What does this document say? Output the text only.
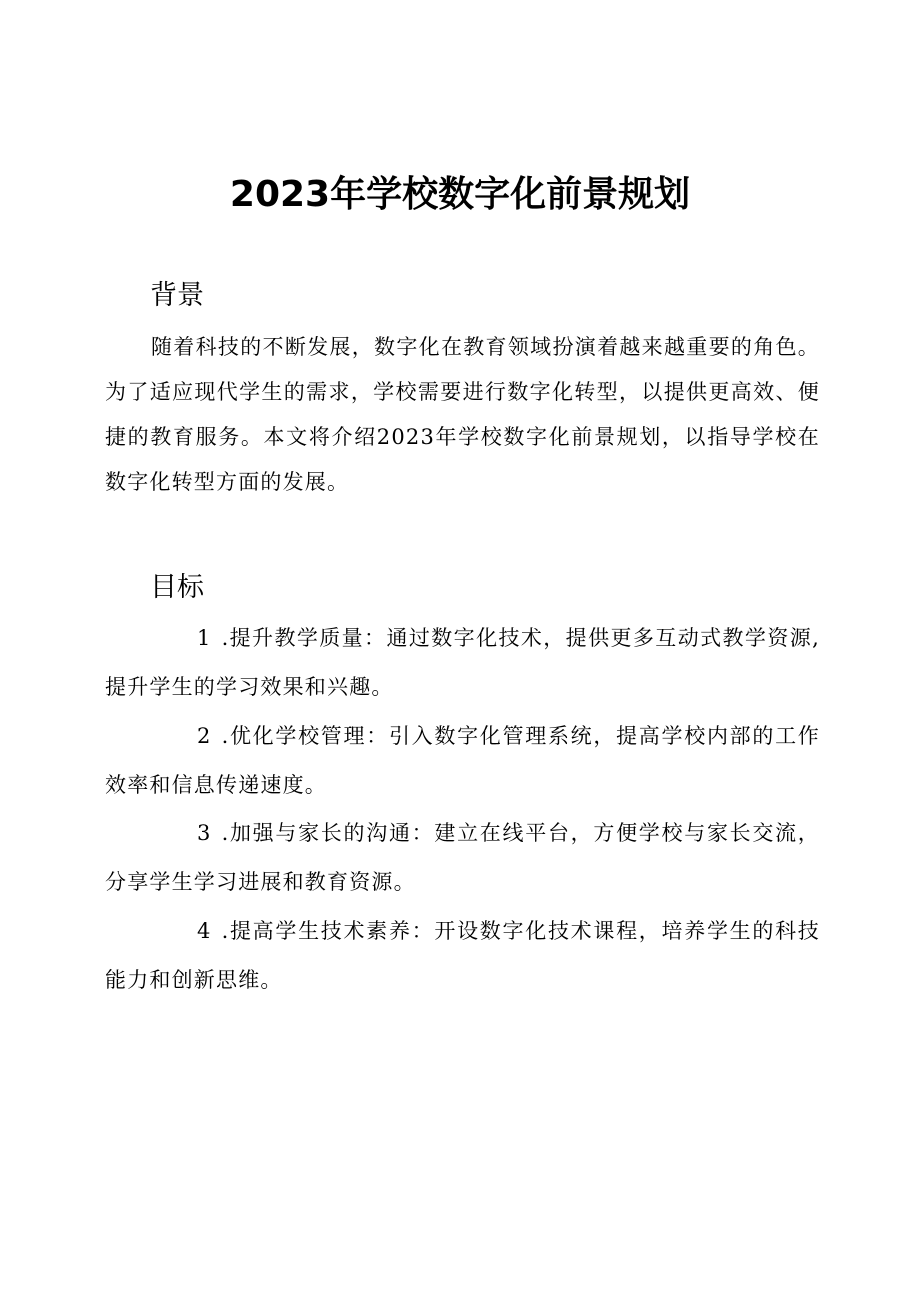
2023年学校数字化前景规划
背景

随着科技的不断发展，数字化在教育领域扮演着越来越重要的角色。为了适应现代学生的需求，学校需要进行数字化转型，以提供更高效、便捷的教育服务。本文将介绍2023年学校数字化前景规划，以指导学校在数字化转型方面的发展。

目标

1 .提升教学质量：通过数字化技术，提供更多互动式教学资源,提升学生的学习效果和兴趣。

2 .优化学校管理：引入数字化管理系统，提高学校内部的工作效率和信息传递速度。

3 .加强与家长的沟通：建立在线平台，方便学校与家长交流，分享学生学习进展和教育资源。

4 .提高学生技术素养：开设数字化技术课程，培养学生的科技能力和创新思维。
